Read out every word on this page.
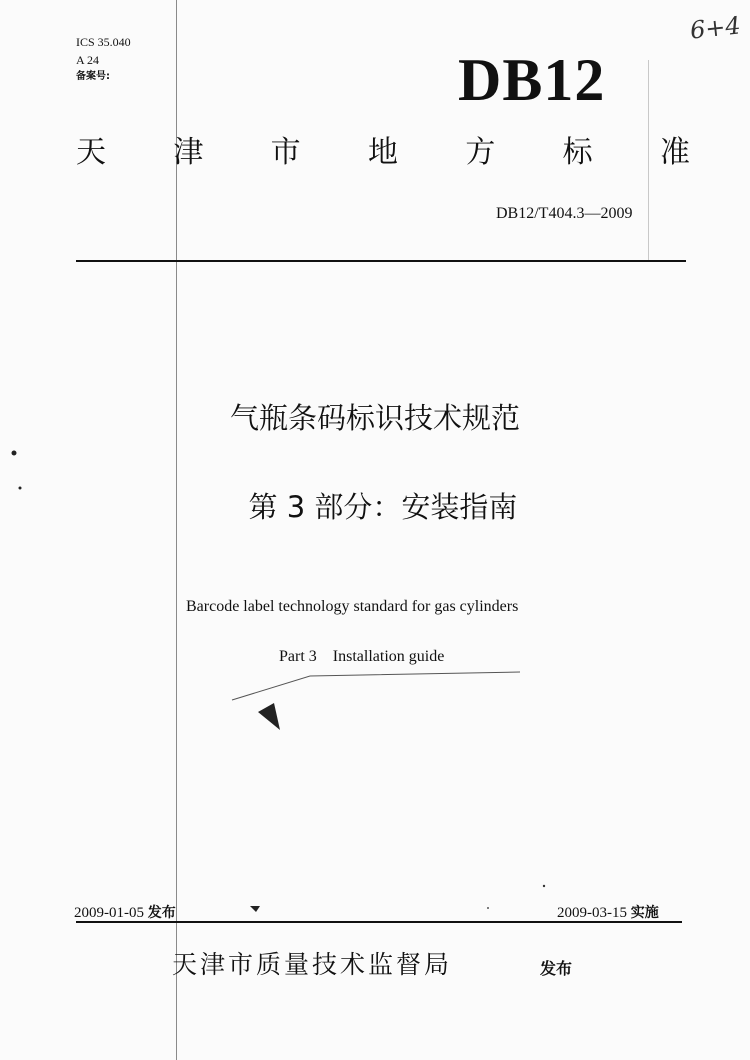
ICS 35.040
A 24
备案号:
6+4
DB12
天 津 市 地 方 标 准
DB12/T404.3—2009
气瓶条码标识技术规范
第 3 部分：安装指南
Barcode label technology standard for gas cylinders
Part 3 Installation guide
2009-01-05 发布	2009-03-15 实施
天津市质量技术监督局	发布
